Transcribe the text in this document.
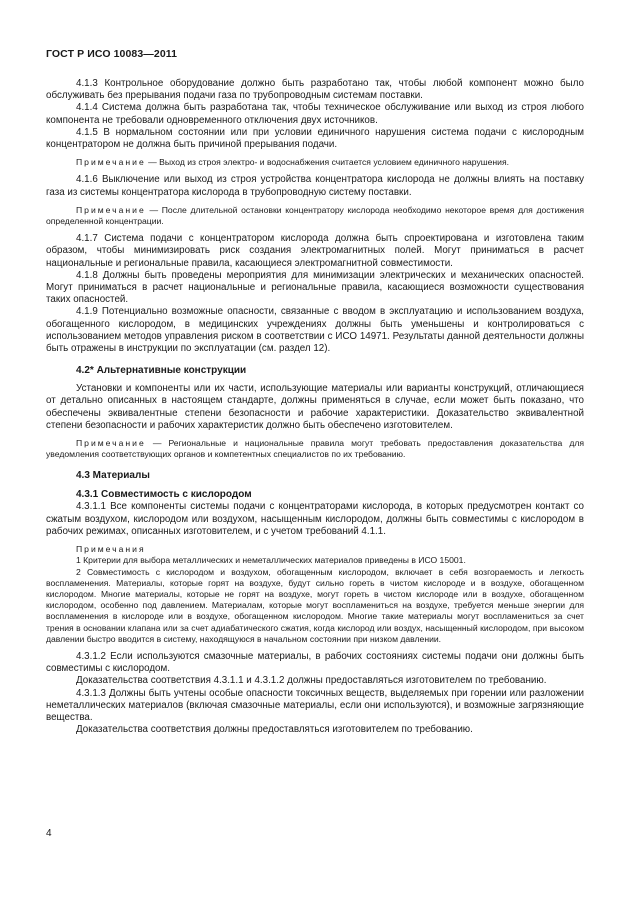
ГОСТ Р ИСО 10083—2011

4.1.3 Контрольное оборудование должно быть разработано так, чтобы любой компонент можно было обслуживать без прерывания подачи газа по трубопроводным системам поставки.

4.1.4 Система должна быть разработана так, чтобы техническое обслуживание или выход из строя любого компонента не требовали одновременного отключения двух источников.

4.1.5 В нормальном состоянии или при условии единичного нарушения система подачи с кислородным концентратором не должна быть причиной прерывания подачи.

Примечание — Выход из строя электро- и водоснабжения считается условием единичного нарушения.

4.1.6 Выключение или выход из строя устройства концентратора кислорода не должны влиять на поставку газа из системы концентратора кислорода в трубопроводную систему поставки.

Примечание — После длительной остановки концентратору кислорода необходимо некоторое время для достижения определенной концентрации.

4.1.7 Система подачи с концентратором кислорода должна быть спроектирована и изготовлена таким образом, чтобы минимизировать риск создания электромагнитных полей. Могут приниматься в расчет национальные и региональные правила, касающиеся электромагнитной совместимости.

4.1.8 Должны быть проведены мероприятия для минимизации электрических и механических опасностей. Могут приниматься в расчет национальные и региональные правила, касающиеся возможности существования таких опасностей.

4.1.9 Потенциально возможные опасности, связанные с вводом в эксплуатацию и использованием воздуха, обогащенного кислородом, в медицинских учреждениях должны быть уменьшены и контролироваться с использованием методов управления риском в соответствии с ИСО 14971. Результаты данной деятельности должны быть отражены в инструкции по эксплуатации (см. раздел 12).

4.2* Альтернативные конструкции

Установки и компоненты или их части, использующие материалы или варианты конструкций, отличающиеся от детально описанных в настоящем стандарте, должны применяться в случае, если может быть показано, что обеспечены эквивалентные степени безопасности и рабочие характеристики. Доказательство эквивалентной степени безопасности и рабочих характеристик должно быть обеспечено изготовителем.

Примечание — Региональные и национальные правила могут требовать предоставления доказательства для уведомления соответствующих органов и компетентных специалистов по их требованию.

4.3 Материалы

4.3.1 Совместимость с кислородом

4.3.1.1 Все компоненты системы подачи с концентраторами кислорода, в которых предусмотрен контакт со сжатым воздухом, кислородом или воздухом, насыщенным кислородом, должны быть совместимы с кислородом в рабочих режимах, описанных изготовителем, и с учетом требований 4.1.1.

Примечания

1 Критерии для выбора металлических и неметаллических материалов приведены в ИСО 15001.

2 Совместимость с кислородом и воздухом, обогащенным кислородом, включает в себя возгораемость и легкость воспламенения. Материалы, которые горят на воздухе, будут сильно гореть в чистом кислороде и в воздухе, обогащенном кислородом. Многие материалы, которые не горят на воздухе, могут гореть в чистом кислороде или в воздухе, обогащенном кислородом, особенно под давлением. Материалам, которые могут воспламениться на воздухе, требуется меньше энергии для воспламенения в кислороде или в воздухе, обогащенном кислородом. Многие такие материалы могут воспламениться за счет трения в основании клапана или за счет адиабатического сжатия, когда кислород или воздух, насыщенный кислородом, при высоком давлении быстро вводится в систему, находящуюся в начальном состоянии при низком давлении.

4.3.1.2 Если используются смазочные материалы, в рабочих состояниях системы подачи они должны быть совместимы с кислородом.

Доказательства соответствия 4.3.1.1 и 4.3.1.2 должны предоставляться изготовителем по требованию.

4.3.1.3 Должны быть учтены особые опасности токсичных веществ, выделяемых при горении или разложении неметаллических материалов (включая смазочные материалы, если они используются), и возможные загрязняющие вещества.

Доказательства соответствия должны предоставляться изготовителем по требованию.

4
